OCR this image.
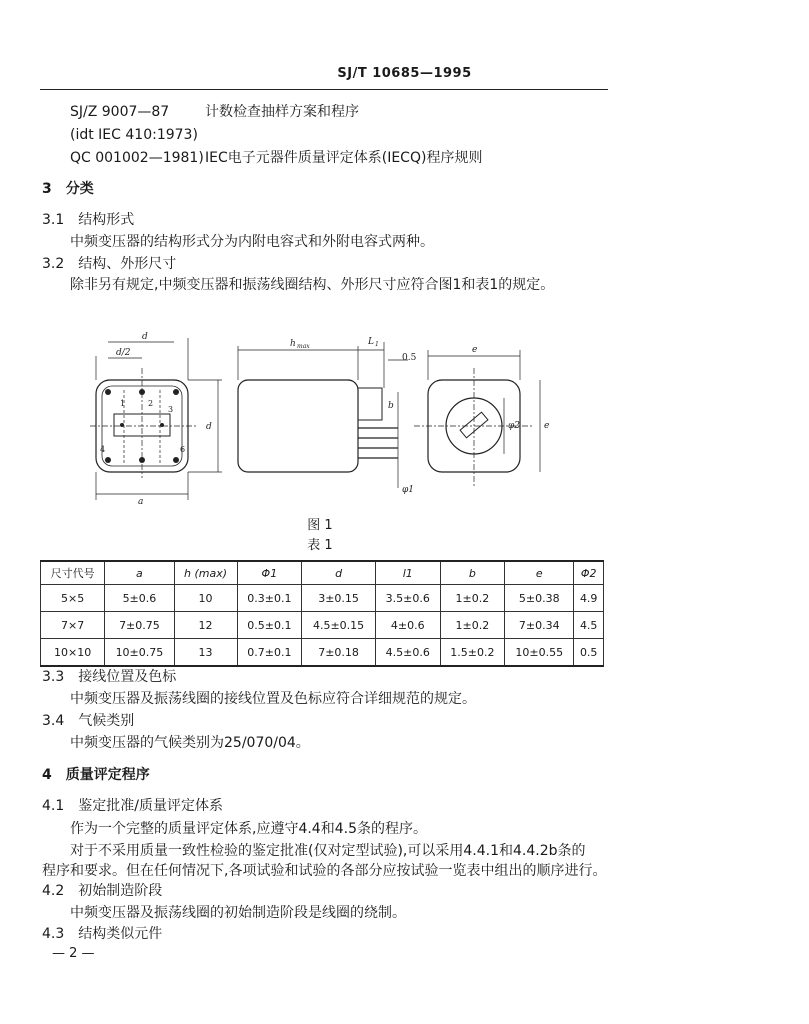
SJ/T 10685—1995
SJ/Z 9007—87	计数检查抽样方案和程序
(idt IEC 410:1973)
QC 001002—1981) IEC电子元器件质量评定体系(IECQ)程序规则
3　分类
3.1　结构形式
中频变压器的结构形式分为内附电容式和外附电容式两种。
3.2　结构、外形尺寸
除非另有规定,中频变压器和振荡线圈结构、外形尺寸应符合图1和表1的规定。
d
d/2
d
a
1	2
3
4	6
h max	L 1
0.5
b
φ1
e
φ2	e
图 1
表 1
尺寸代号	a	h (max)	Φ1	d	l1	b	e	Φ2
5×5	5±0.6	10	0.3±0.1	3±0.15	3.5±0.6	1±0.2	5±0.38	4.9
7×7	7±0.75	12	0.5±0.1	4.5±0.15	4±0.6	1±0.2	7±0.34	4.5
10×10	10±0.75	13	0.7±0.1	7±0.18	4.5±0.6	1.5±0.2	10±0.55	0.5
3.3　接线位置及色标
中频变压器及振荡线圈的接线位置及色标应符合详细规范的规定。
3.4　气候类别
中频变压器的气候类别为25/070/04。
4　质量评定程序
4.1　鉴定批准/质量评定体系
作为一个完整的质量评定体系,应遵守4.4和4.5条的程序。
对于不采用质量一致性检验的鉴定批准(仅对定型试验),可以采用4.4.1和4.4.2b条的
程序和要求。但在任何情况下,各项试验和试验的各部分应按试验一览表中组出的顺序进行。
4.2　初始制造阶段
中频变压器及振荡线圈的初始制造阶段是线圈的绕制。
4.3　结构类似元件
— 2 —
